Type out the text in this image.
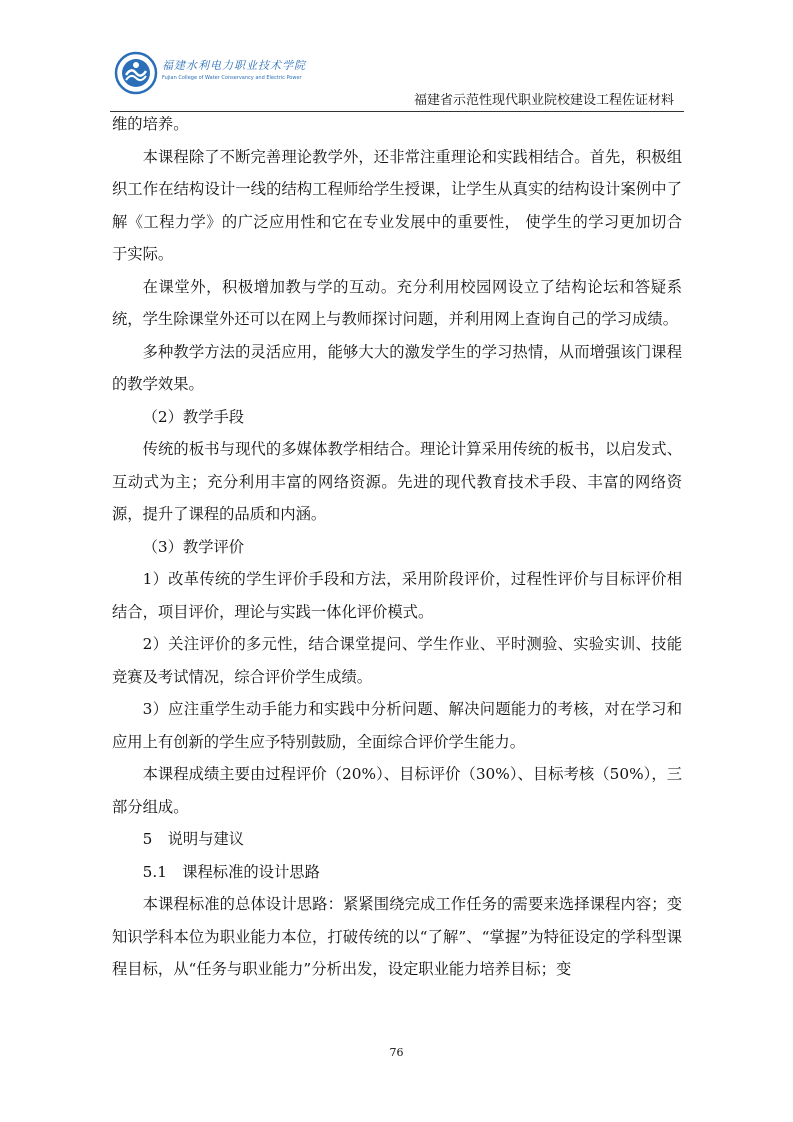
福建水利电力职业技术学院
Fujian College of Water Conservancy and Electric Power
福建省示范性现代职业院校建设工程佐证材料

维的培养。

本课程除了不断完善理论教学外，还非常注重理论和实践相结合。首先，积极组织工作在结构设计一线的结构工程师给学生授课，让学生从真实的结构设计案例中了解《工程力学》的广泛应用性和它在专业发展中的重要性， 使学生的学习更加切合于实际。

在课堂外，积极增加教与学的互动。充分利用校园网设立了结构论坛和答疑系统，学生除课堂外还可以在网上与教师探讨问题，并利用网上查询自己的学习成绩。

多种教学方法的灵活应用，能够大大的激发学生的学习热情，从而增强该门课程的教学效果。

（2）教学手段

传统的板书与现代的多媒体教学相结合。理论计算采用传统的板书，以启发式、互动式为主；充分利用丰富的网络资源。先进的现代教育技术手段、丰富的网络资源，提升了课程的品质和内涵。

（3）教学评价

1）改革传统的学生评价手段和方法，采用阶段评价，过程性评价与目标评价相结合，项目评价，理论与实践一体化评价模式。

2）关注评价的多元性，结合课堂提问、学生作业、平时测验、实验实训、技能竞赛及考试情况，综合评价学生成绩。

3）应注重学生动手能力和实践中分析问题、解决问题能力的考核，对在学习和应用上有创新的学生应予特别鼓励，全面综合评价学生能力。

本课程成绩主要由过程评价（20%）、目标评价（30%）、目标考核（50%），三部分组成。

5　说明与建议

5.1　课程标准的设计思路

本课程标准的总体设计思路：紧紧围绕完成工作任务的需要来选择课程内容；变知识学科本位为职业能力本位，打破传统的以“了解”、“掌握”为特征设定的学科型课程目标，从“任务与职业能力”分析出发，设定职业能力培养目标；变

76
